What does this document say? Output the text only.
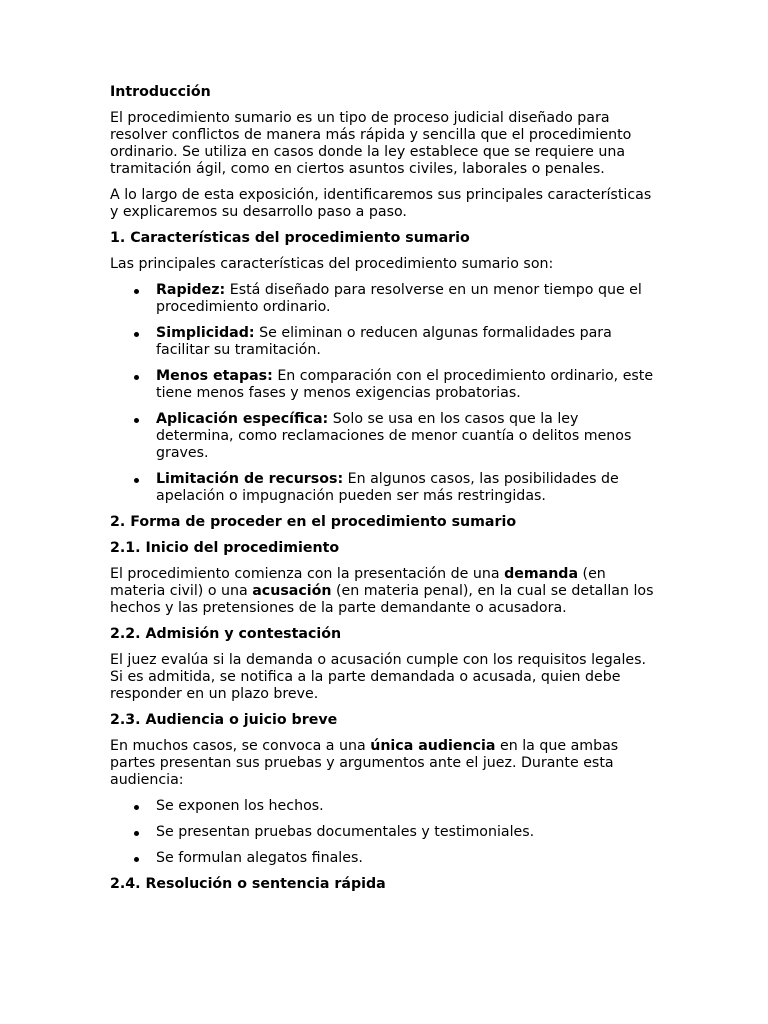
Introducción

El procedimiento sumario es un tipo de proceso judicial diseñado para resolver conflictos de manera más rápida y sencilla que el procedimiento ordinario. Se utiliza en casos donde la ley establece que se requiere una tramitación ágil, como en ciertos asuntos civiles, laborales o penales.

A lo largo de esta exposición, identificaremos sus principales características y explicaremos su desarrollo paso a paso.

1. Características del procedimiento sumario

Las principales características del procedimiento sumario son:

Rapidez: Está diseñado para resolverse en un menor tiempo que el procedimiento ordinario.
Simplicidad: Se eliminan o reducen algunas formalidades para facilitar su tramitación.
Menos etapas: En comparación con el procedimiento ordinario, este tiene menos fases y menos exigencias probatorias.
Aplicación específica: Solo se usa en los casos que la ley determina, como reclamaciones de menor cuantía o delitos menos graves.
Limitación de recursos: En algunos casos, las posibilidades de apelación o impugnación pueden ser más restringidas.
2. Forma de proceder en el procedimiento sumario
2.1. Inicio del procedimiento

El procedimiento comienza con la presentación de una demanda (en materia civil) o una acusación (en materia penal), en la cual se detallan los hechos y las pretensiones de la parte demandante o acusadora.

2.2. Admisión y contestación

El juez evalúa si la demanda o acusación cumple con los requisitos legales. Si es admitida, se notifica a la parte demandada o acusada, quien debe responder en un plazo breve.

2.3. Audiencia o juicio breve

En muchos casos, se convoca a una única audiencia en la que ambas partes presentan sus pruebas y argumentos ante el juez. Durante esta audiencia:

Se exponen los hechos.
Se presentan pruebas documentales y testimoniales.
Se formulan alegatos finales.
2.4. Resolución o sentencia rápida
